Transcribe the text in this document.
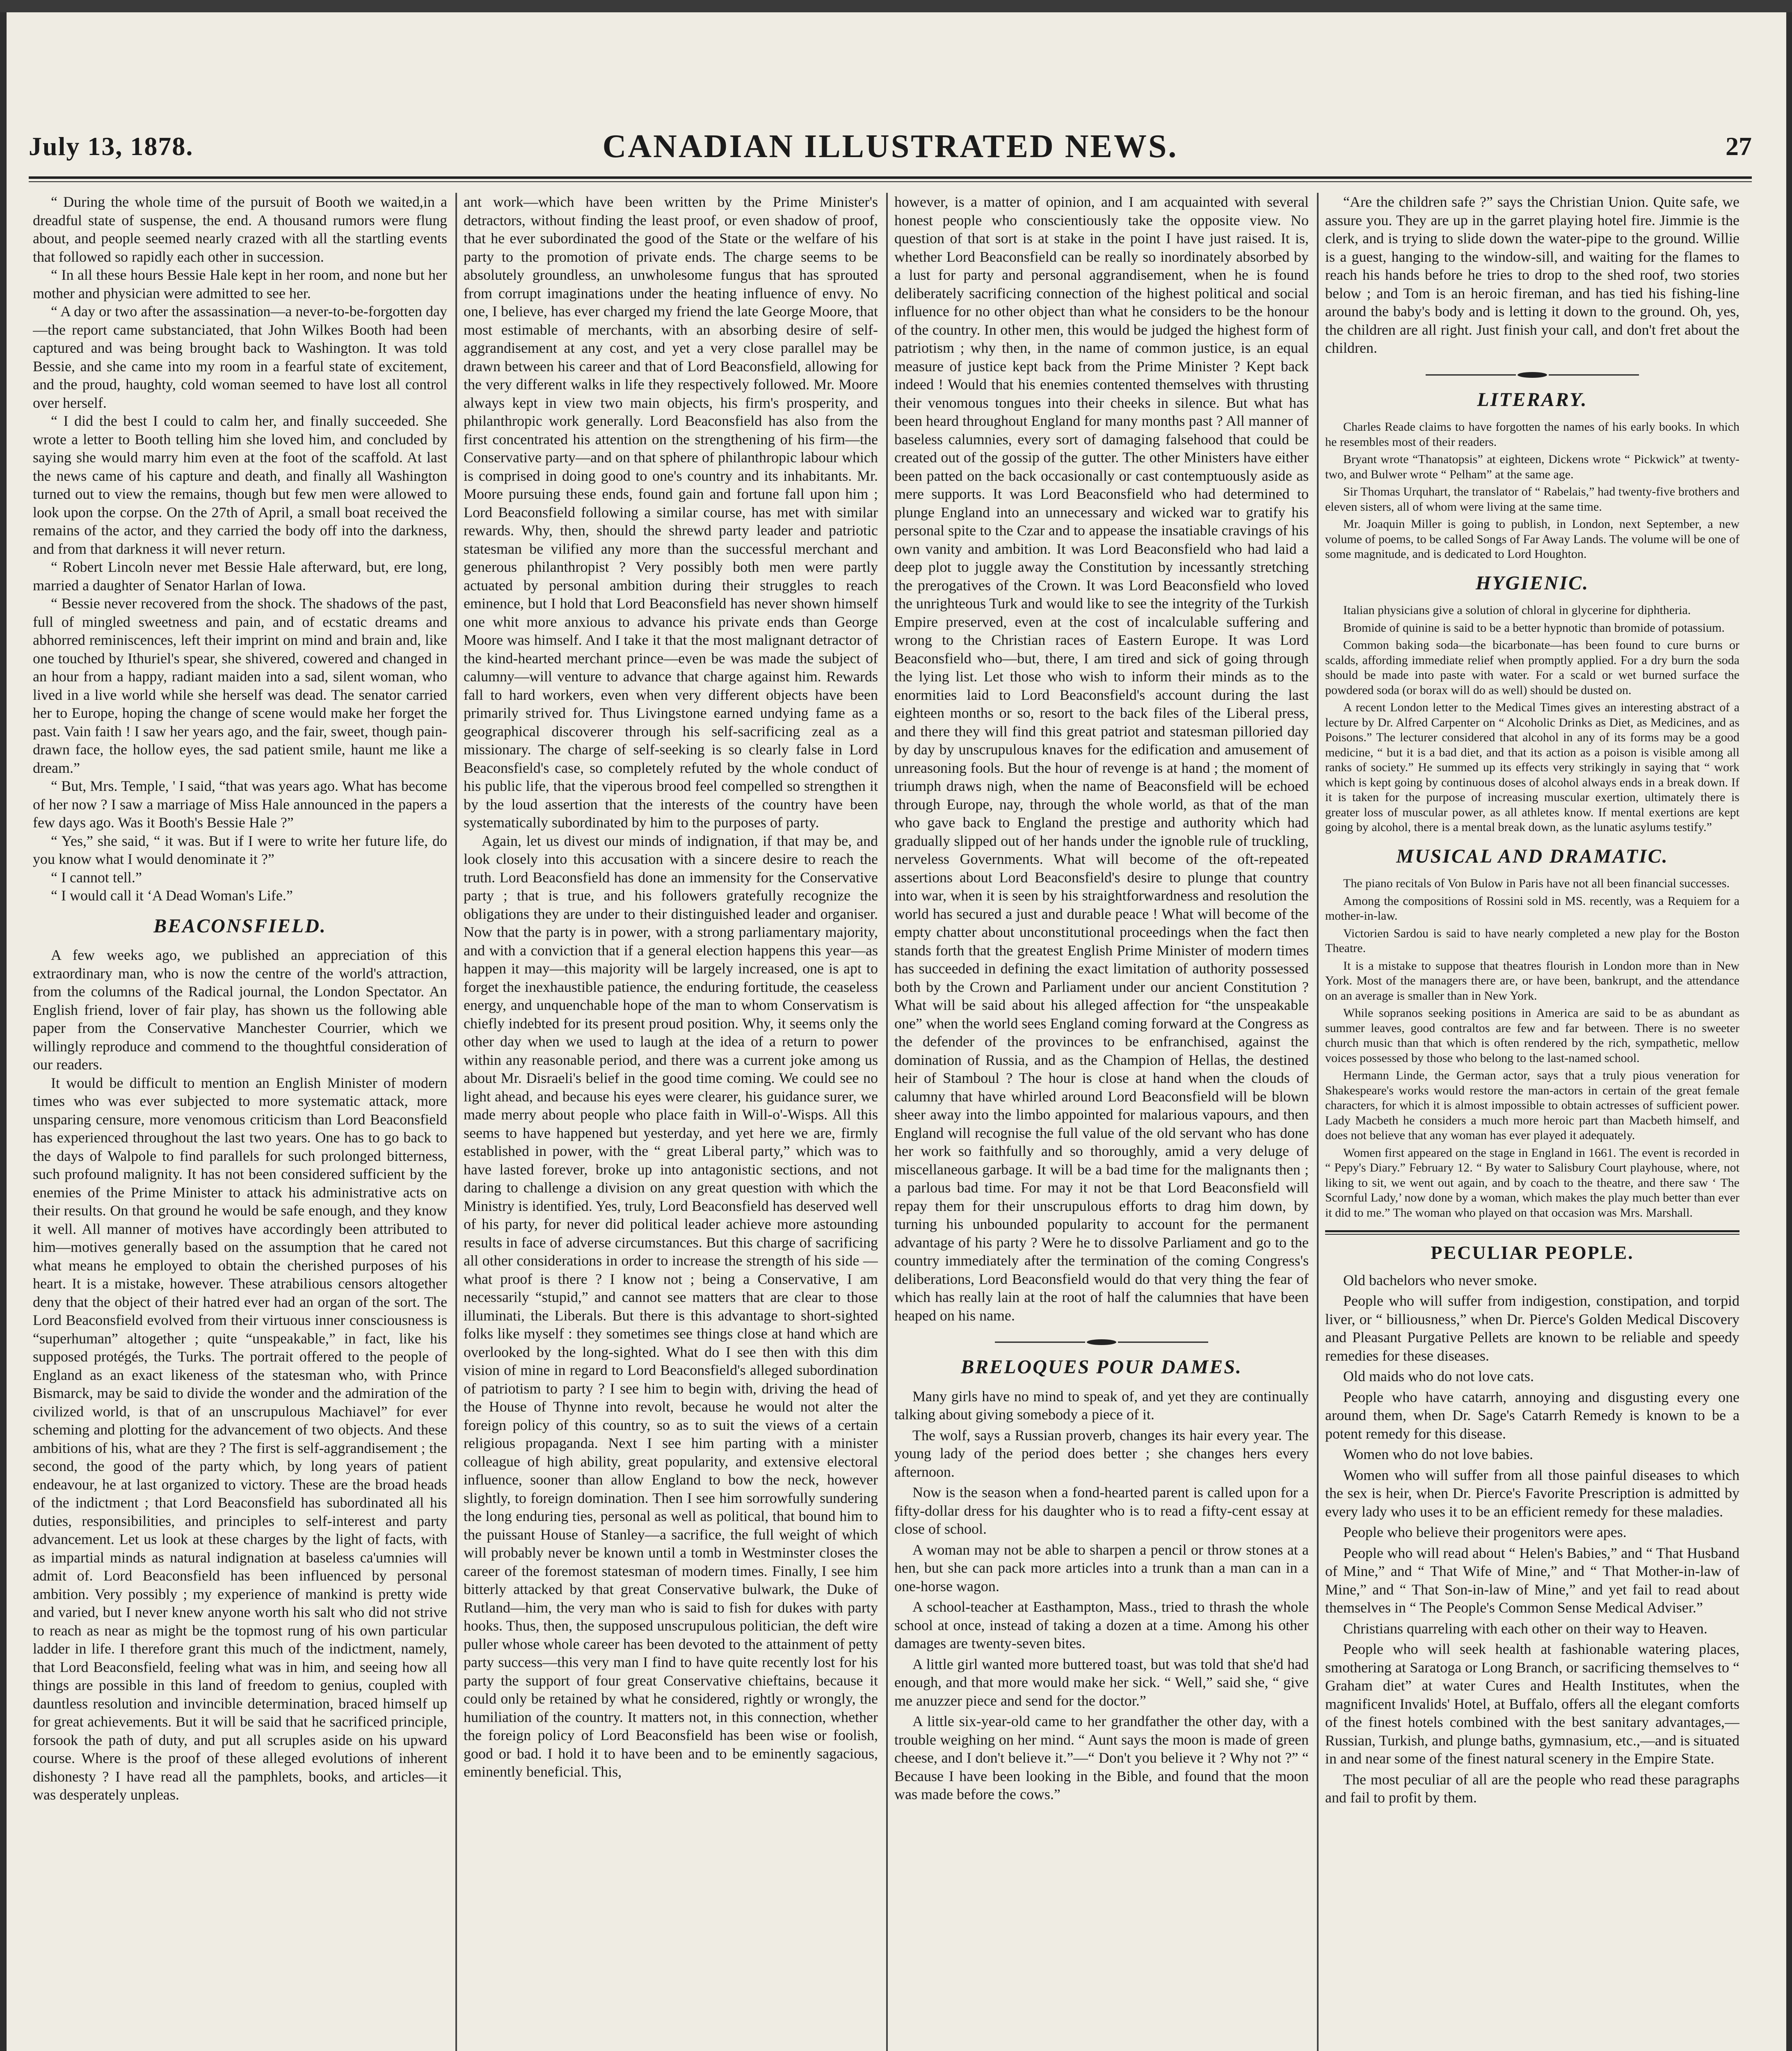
July 13, 1878.	CANADIAN ILLUSTRATED NEWS.	27

“ During the whole time of the pursuit of Booth we waited,in a dreadful state of suspense, the end. A thousand rumors were flung about, and people seemed nearly crazed with all the startling events that followed so rapidly each other in succession.

“ In all these hours Bessie Hale kept in her room, and none but her mother and physician were admitted to see her.

“ A day or two after the assassination—a never-to-be-forgotten day—the report came substanciated, that John Wilkes Booth had been captured and was being brought back to Washington. It was told Bessie, and she came into my room in a fearful state of excitement, and the proud, haughty, cold woman seemed to have lost all control over herself.

“ I did the best I could to calm her, and finally succeeded. She wrote a letter to Booth telling him she loved him, and concluded by saying she would marry him even at the foot of the scaffold. At last the news came of his capture and death, and finally all Washington turned out to view the remains, though but few men were allowed to look upon the corpse. On the 27th of April, a small boat received the remains of the actor, and they carried the body off into the darkness, and from that darkness it will never return.

“ Robert Lincoln never met Bessie Hale afterward, but, ere long, married a daughter of Senator Harlan of Iowa.

“ Bessie never recovered from the shock. The shadows of the past, full of mingled sweetness and pain, and of ecstatic dreams and abhorred reminiscences, left their imprint on mind and brain and, like one touched by Ithuriel's spear, she shivered, cowered and changed in an hour from a happy, radiant maiden into a sad, silent woman, who lived in a live world while she herself was dead. The senator carried her to Europe, hoping the change of scene would make her forget the past. Vain faith ! I saw her years ago, and the fair, sweet, though pain-drawn face, the hollow eyes, the sad patient smile, haunt me like a dream.”

“ But, Mrs. Temple, ' I said, “that was years ago. What has become of her now ? I saw a marriage of Miss Hale announced in the papers a few days ago. Was it Booth's Bessie Hale ?”

“ Yes,” she said, “ it was. But if I were to write her future life, do you know what I would denominate it ?”

“ I cannot tell.”

“ I would call it ‘A Dead Woman's Life.”

BEACONSFIELD.

A few weeks ago, we published an appreciation of this extraordinary man, who is now the centre of the world's attraction, from the columns of the Radical journal, the London Spectator. An English friend, lover of fair play, has shown us the following able paper from the Conservative Manchester Courrier, which we willingly reproduce and commend to the thoughtful consideration of our readers.

It would be difficult to mention an English Minister of modern times who was ever subjected to more systematic attack, more unsparing censure, more venomous criticism than Lord Beaconsfield has experienced throughout the last two years. One has to go back to the days of Walpole to find parallels for such prolonged bitterness, such profound malignity. It has not been considered sufficient by the enemies of the Prime Minister to attack his administrative acts on their results. On that ground he would be safe enough, and they know it well. All manner of motives have accordingly been attributed to him—motives generally based on the assumption that he cared not what means he employed to obtain the cherished purposes of his heart. It is a mistake, however. These atrabilious censors altogether deny that the object of their hatred ever had an organ of the sort. The Lord Beaconsfield evolved from their virtuous inner consciousness is “superhuman” altogether ; quite “unspeakable,” in fact, like his supposed protégés, the Turks. The portrait offered to the people of England as an exact likeness of the statesman who, with Prince Bismarck, may be said to divide the wonder and the admiration of the civilized world, is that of an unscrupulous Machiavel” for ever scheming and plotting for the advancement of two objects. And these ambitions of his, what are they ? The first is self-aggrandisement ; the second, the good of the party which, by long years of patient endeavour, he at last organized to victory. These are the broad heads of the indictment ; that Lord Beaconsfield has subordinated all his duties, responsibilities, and principles to self-interest and party advancement. Let us look at these charges by the light of facts, with as impartial minds as natural indignation at baseless ca'umnies will admit of. Lord Beaconsfield has been influenced by personal ambition. Very possibly ; my experience of mankind is pretty wide and varied, but I never knew anyone worth his salt who did not strive to reach as near as might be the topmost rung of his own particular ladder in life. I therefore grant this much of the indictment, namely, that Lord Beaconsfield, feeling what was in him, and seeing how all things are possible in this land of freedom to genius, coupled with dauntless resolution and invincible determination, braced himself up for great achievements. But it will be said that he sacrificed principle, forsook the path of duty, and put all scruples aside on his upward course. Where is the proof of these alleged evolutions of inherent dishonesty ? I have read all the pamphlets, books, and articles—it was desperately unpleas.

ant work—which have been written by the Prime Minister's detractors, without finding the least proof, or even shadow of proof, that he ever subordinated the good of the State or the welfare of his party to the promotion of private ends. The charge seems to be absolutely groundless, an unwholesome fungus that has sprouted from corrupt imaginations under the heating influence of envy. No one, I believe, has ever charged my friend the late George Moore, that most estimable of merchants, with an absorbing desire of self-aggrandisement at any cost, and yet a very close parallel may be drawn between his career and that of Lord Beaconsfield, allowing for the very different walks in life they respectively followed. Mr. Moore always kept in view two main objects, his firm's prosperity, and philanthropic work generally. Lord Beaconsfield has also from the first concentrated his attention on the strengthening of his firm—the Conservative party—and on that sphere of philanthropic labour which is comprised in doing good to one's country and its inhabitants. Mr. Moore pursuing these ends, found gain and fortune fall upon him ; Lord Beaconsfield following a similar course, has met with similar rewards. Why, then, should the shrewd party leader and patriotic statesman be vilified any more than the successful merchant and generous philanthropist ? Very possibly both men were partly actuated by personal ambition during their struggles to reach eminence, but I hold that Lord Beaconsfield has never shown himself one whit more anxious to advance his private ends than George Moore was himself. And I take it that the most malignant detractor of the kind-hearted merchant prince—even be was made the subject of calumny—will venture to advance that charge against him. Rewards fall to hard workers, even when very different objects have been primarily strived for. Thus Livingstone earned undying fame as a geographical discoverer through his self-sacrificing zeal as a missionary. The charge of self-seeking is so clearly false in Lord Beaconsfield's case, so completely refuted by the whole conduct of his public life, that the viperous brood feel compelled so strengthen it by the loud assertion that the interests of the country have been systematically subordinated by him to the purposes of party.

Again, let us divest our minds of indignation, if that may be, and look closely into this accusation with a sincere desire to reach the truth. Lord Beaconsfield has done an immensity for the Conservative party ; that is true, and his followers gratefully recognize the obligations they are under to their distinguished leader and organiser. Now that the party is in power, with a strong parliamentary majority, and with a conviction that if a general election happens this year—as happen it may—this majority will be largely increased, one is apt to forget the inexhaustible patience, the enduring fortitude, the ceaseless energy, and unquenchable hope of the man to whom Conservatism is chiefly indebted for its present proud position. Why, it seems only the other day when we used to laugh at the idea of a return to power within any reasonable period, and there was a current joke among us about Mr. Disraeli's belief in the good time coming. We could see no light ahead, and because his eyes were clearer, his guidance surer, we made merry about people who place faith in Will-o'-Wisps. All this seems to have happened but yesterday, and yet here we are, firmly established in power, with the “ great Liberal party,” which was to have lasted forever, broke up into antagonistic sections, and not daring to challenge a division on any great question with which the Ministry is identified. Yes, truly, Lord Beaconsfield has deserved well of his party, for never did political leader achieve more astounding results in face of adverse circumstances. But this charge of sacrificing all other considerations in order to increase the strength of his side —what proof is there ? I know not ; being a Conservative, I am necessarily “stupid,” and cannot see matters that are clear to those illuminati, the Liberals. But there is this advantage to short-sighted folks like myself : they sometimes see things close at hand which are overlooked by the long-sighted. What do I see then with this dim vision of mine in regard to Lord Beaconsfield's alleged subordination of patriotism to party ? I see him to begin with, driving the head of the House of Thynne into revolt, because he would not alter the foreign policy of this country, so as to suit the views of a certain religious propaganda. Next I see him parting with a minister colleague of high ability, great popularity, and extensive electoral influence, sooner than allow England to bow the neck, however slightly, to foreign domination. Then I see him sorrowfully sundering the long enduring ties, personal as well as political, that bound him to the puissant House of Stanley—a sacrifice, the full weight of which will probably never be known until a tomb in Westminster closes the career of the foremost statesman of modern times. Finally, I see him bitterly attacked by that great Conservative bulwark, the Duke of Rutland—him, the very man who is said to fish for dukes with party hooks. Thus, then, the supposed unscrupulous politician, the deft wire puller whose whole career has been devoted to the attainment of petty party success—this very man I find to have quite recently lost for his party the support of four great Conservative chieftains, because it could only be retained by what he considered, rightly or wrongly, the humiliation of the country. It matters not, in this connection, whether the foreign policy of Lord Beaconsfield has been wise or foolish, good or bad. I hold it to have been and to be eminently sagacious, eminently beneficial. This,

however, is a matter of opinion, and I am acquainted with several honest people who conscientiously take the opposite view. No question of that sort is at stake in the point I have just raised. It is, whether Lord Beaconsfield can be really so inordinately absorbed by a lust for party and personal aggrandisement, when he is found deliberately sacrificing connection of the highest political and social influence for no other object than what he considers to be the honour of the country. In other men, this would be judged the highest form of patriotism ; why then, in the name of common justice, is an equal measure of justice kept back from the Prime Minister ? Kept back indeed ! Would that his enemies contented themselves with thrusting their venomous tongues into their cheeks in silence. But what has been heard throughout England for many months past ? All manner of baseless calumnies, every sort of damaging falsehood that could be created out of the gossip of the gutter. The other Ministers have either been patted on the back occasionally or cast contemptuously aside as mere supports. It was Lord Beaconsfield who had determined to plunge England into an unnecessary and wicked war to gratify his personal spite to the Czar and to appease the insatiable cravings of his own vanity and ambition. It was Lord Beaconsfield who had laid a deep plot to juggle away the Constitution by incessantly stretching the prerogatives of the Crown. It was Lord Beaconsfield who loved the unrighteous Turk and would like to see the integrity of the Turkish Empire preserved, even at the cost of incalculable suffering and wrong to the Christian races of Eastern Europe. It was Lord Beaconsfield who—but, there, I am tired and sick of going through the lying list. Let those who wish to inform their minds as to the enormities laid to Lord Beaconsfield's account during the last eighteen months or so, resort to the back files of the Liberal press, and there they will find this great patriot and statesman pilloried day by day by unscrupulous knaves for the edification and amusement of unreasoning fools. But the hour of revenge is at hand ; the moment of triumph draws nigh, when the name of Beaconsfield will be echoed through Europe, nay, through the whole world, as that of the man who gave back to England the prestige and authority which had gradually slipped out of her hands under the ignoble rule of truckling, nerveless Governments. What will become of the oft-repeated assertions about Lord Beaconsfield's desire to plunge that country into war, when it is seen by his straightforwardness and resolution the world has secured a just and durable peace ! What will become of the empty chatter about unconstitutional proceedings when the fact then stands forth that the greatest English Prime Minister of modern times has succeeded in defining the exact limitation of authority possessed both by the Crown and Parliament under our ancient Constitution ? What will be said about his alleged affection for “the unspeakable one” when the world sees England coming forward at the Congress as the defender of the provinces to be enfranchised, against the domination of Russia, and as the Champion of Hellas, the destined heir of Stamboul ? The hour is close at hand when the clouds of calumny that have whirled around Lord Beaconsfield will be blown sheer away into the limbo appointed for malarious vapours, and then England will recognise the full value of the old servant who has done her work so faithfully and so thoroughly, amid a very deluge of miscellaneous garbage. It will be a bad time for the malignants then ; a parlous bad time. For may it not be that Lord Beaconsfield will repay them for their unscrupulous efforts to drag him down, by turning his unbounded popularity to account for the permanent advantage of his party ? Were he to dissolve Parliament and go to the country immediately after the termination of the coming Congress's deliberations, Lord Beaconsfield would do that very thing the fear of which has really lain at the root of half the calumnies that have been heaped on his name.

BRELOQUES POUR DAMES.

Many girls have no mind to speak of, and yet they are continually talking about giving somebody a piece of it.

The wolf, says a Russian proverb, changes its hair every year. The young lady of the period does better ; she changes hers every afternoon.

Now is the season when a fond-hearted parent is called upon for a fifty-dollar dress for his daughter who is to read a fifty-cent essay at close of school.

A woman may not be able to sharpen a pencil or throw stones at a hen, but she can pack more articles into a trunk than a man can in a one-horse wagon.

A school-teacher at Easthampton, Mass., tried to thrash the whole school at once, instead of taking a dozen at a time. Among his other damages are twenty-seven bites.

A little girl wanted more buttered toast, but was told that she'd had enough, and that more would make her sick. “ Well,” said she, “ give me anuzzer piece and send for the doctor.”

A little six-year-old came to her grandfather the other day, with a trouble weighing on her mind. “ Aunt says the moon is made of green cheese, and I don't believe it.”—“ Don't you believe it ? Why not ?” “ Because I have been looking in the Bible, and found that the moon was made before the cows.”

“Are the children safe ?” says the Christian Union. Quite safe, we assure you. They are up in the garret playing hotel fire. Jimmie is the clerk, and is trying to slide down the water-pipe to the ground. Willie is a guest, hanging to the window-sill, and waiting for the flames to reach his hands before he tries to drop to the shed roof, two stories below ; and Tom is an heroic fireman, and has tied his fishing-line around the baby's body and is letting it down to the ground. Oh, yes, the children are all right. Just finish your call, and don't fret about the children.

LITERARY.

Charles Reade claims to have forgotten the names of his early books. In which he resembles most of their readers.

Bryant wrote “Thanatopsis” at eighteen, Dickens wrote “ Pickwick” at twenty-two, and Bulwer wrote “ Pelham” at the same age.

Sir Thomas Urquhart, the translator of “ Rabelais,” had twenty-five brothers and eleven sisters, all of whom were living at the same time.

Mr. Joaquin Miller is going to publish, in London, next September, a new volume of poems, to be called Songs of Far Away Lands. The volume will be one of some magnitude, and is dedicated to Lord Houghton.

HYGIENIC.

Italian physicians give a solution of chloral in glycerine for diphtheria.

Bromide of quinine is said to be a better hypnotic than bromide of potassium.

Common baking soda—the bicarbonate—has been found to cure burns or scalds, affording immediate relief when promptly applied. For a dry burn the soda should be made into paste with water. For a scald or wet burned surface the powdered soda (or borax will do as well) should be dusted on.

A recent London letter to the Medical Times gives an interesting abstract of a lecture by Dr. Alfred Carpenter on “ Alcoholic Drinks as Diet, as Medicines, and as Poisons.” The lecturer considered that alcohol in any of its forms may be a good medicine, “ but it is a bad diet, and that its action as a poison is visible among all ranks of society.” He summed up its effects very strikingly in saying that “ work which is kept going by continuous doses of alcohol always ends in a break down. If it is taken for the purpose of increasing muscular exertion, ultimately there is greater loss of muscular power, as all athletes know. If mental exertions are kept going by alcohol, there is a mental break down, as the lunatic asylums testify.”

MUSICAL AND DRAMATIC.

The piano recitals of Von Bulow in Paris have not all been financial successes.

Among the compositions of Rossini sold in MS. recently, was a Requiem for a mother-in-law.

Victorien Sardou is said to have nearly completed a new play for the Boston Theatre.

It is a mistake to suppose that theatres flourish in London more than in New York. Most of the managers there are, or have been, bankrupt, and the attendance on an average is smaller than in New York.

While sopranos seeking positions in America are said to be as abundant as summer leaves, good contraltos are few and far between. There is no sweeter church music than that which is often rendered by the rich, sympathetic, mellow voices possessed by those who belong to the last-named school.

Hermann Linde, the German actor, says that a truly pious veneration for Shakespeare's works would restore the man-actors in certain of the great female characters, for which it is almost impossible to obtain actresses of sufficient power. Lady Macbeth he considers a much more heroic part than Macbeth himself, and does not believe that any woman has ever played it adequately.

Women first appeared on the stage in England in 1661. The event is recorded in “ Pepy's Diary.” February 12. “ By water to Salisbury Court playhouse, where, not liking to sit, we went out again, and by coach to the theatre, and there saw ‘ The Scornful Lady,’ now done by a woman, which makes the play much better than ever it did to me.” The woman who played on that occasion was Mrs. Marshall.

PECULIAR PEOPLE.

Old bachelors who never smoke.

People who will suffer from indigestion, constipation, and torpid liver, or “ billiousness,” when Dr. Pierce's Golden Medical Discovery and Pleasant Purgative Pellets are known to be reliable and speedy remedies for these diseases.

Old maids who do not love cats.

People who have catarrh, annoying and disgusting every one around them, when Dr. Sage's Catarrh Remedy is known to be a potent remedy for this disease.

Women who do not love babies.

Women who will suffer from all those painful diseases to which the sex is heir, when Dr. Pierce's Favorite Prescription is admitted by every lady who uses it to be an efficient remedy for these maladies.

People who believe their progenitors were apes.

People who will read about “ Helen's Babies,” and “ That Husband of Mine,” and “ That Wife of Mine,” and “ That Mother-in-law of Mine,” and “ That Son-in-law of Mine,” and yet fail to read about themselves in “ The People's Common Sense Medical Adviser.”

Christians quarreling with each other on their way to Heaven.

People who will seek health at fashionable watering places, smothering at Saratoga or Long Branch, or sacrificing themselves to “ Graham diet” at water Cures and Health Institutes, when the magnificent Invalids' Hotel, at Buffalo, offers all the elegant comforts of the finest hotels combined with the best sanitary advantages,—Russian, Turkish, and plunge baths, gymnasium, etc.,—and is situated in and near some of the finest natural scenery in the Empire State.

The most peculiar of all are the people who read these paragraphs and fail to profit by them.
